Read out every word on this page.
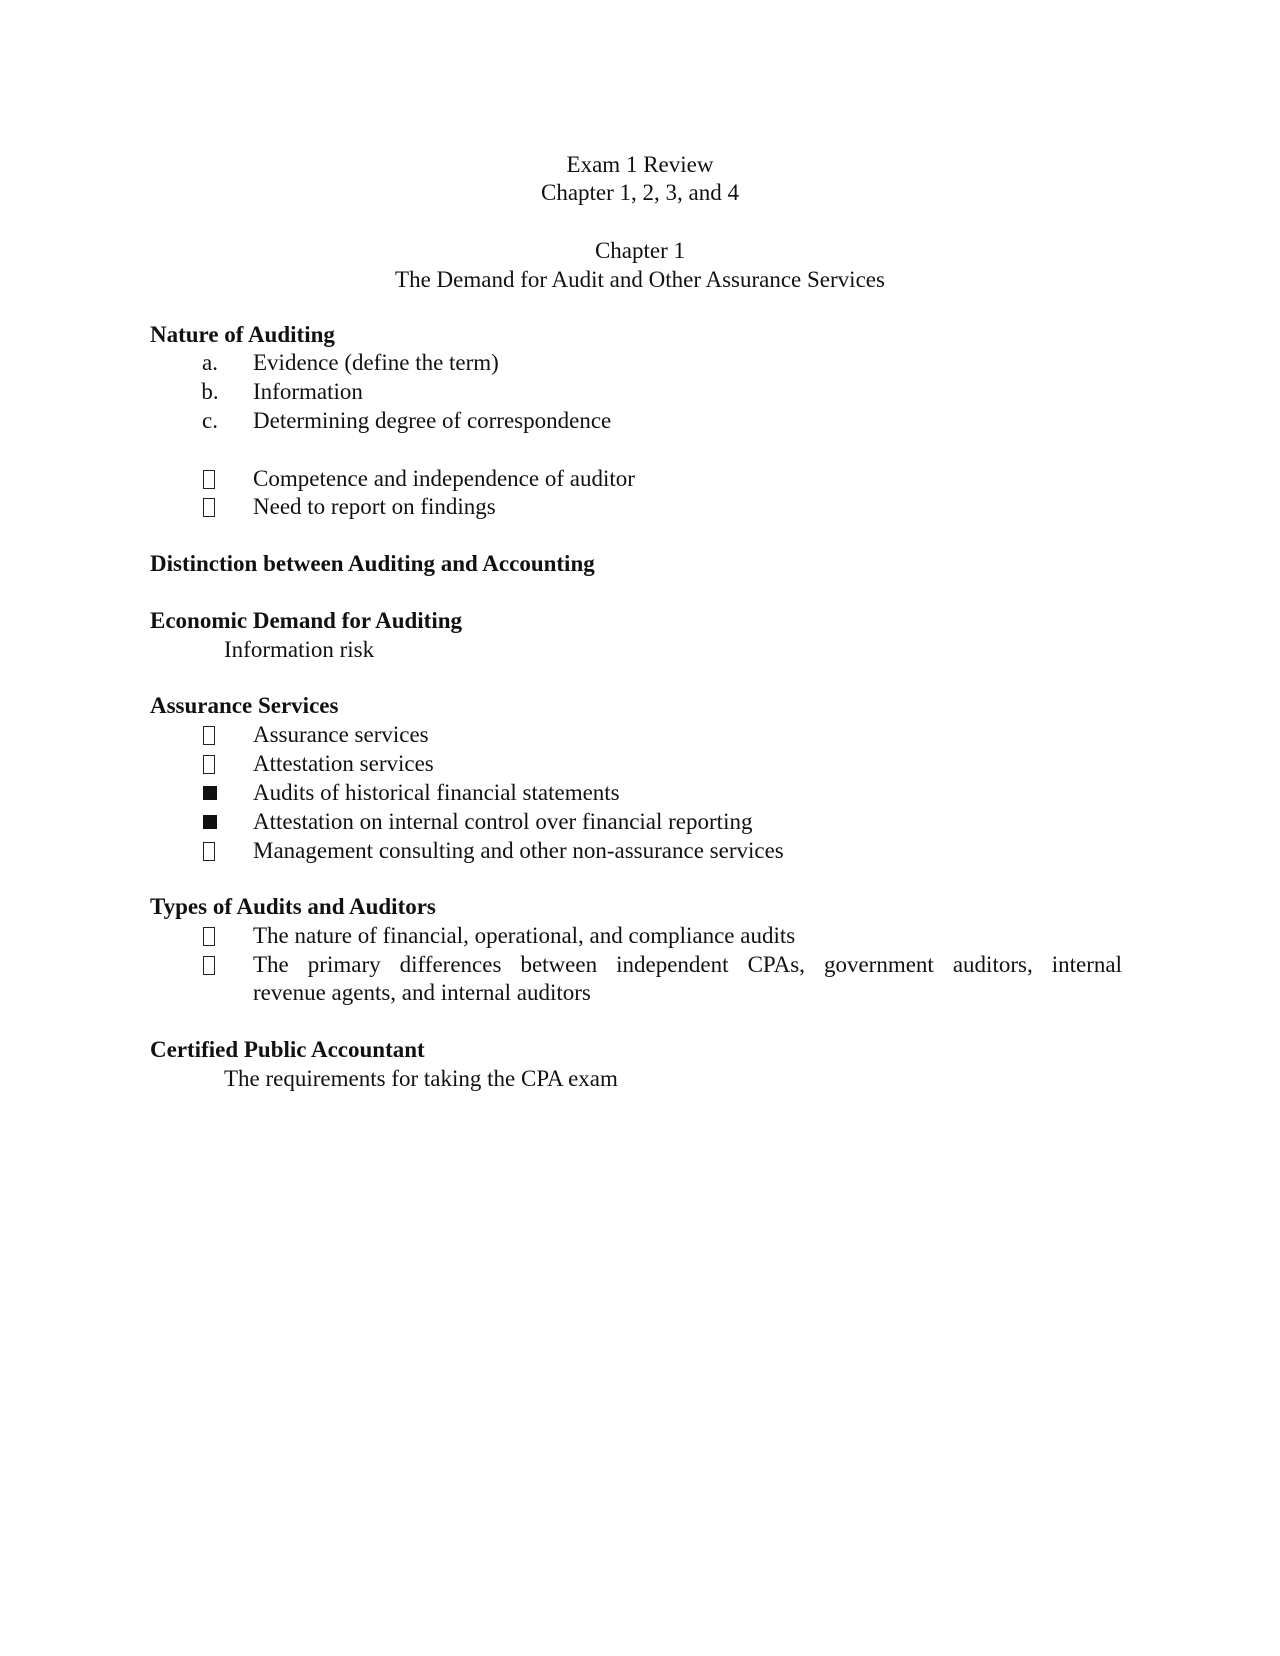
Exam 1 Review
Chapter 1, 2, 3, and 4
Chapter 1
The Demand for Audit and Other Assurance Services
Nature of Auditing
a.	Evidence (define the term)
b.	Information
c.	Determining degree of correspondence
Competence and independence of auditor
Need to report on findings
Distinction between Auditing and Accounting
Economic Demand for Auditing
Information risk
Assurance Services
Assurance services
Attestation services
Audits of historical financial statements
Attestation on internal control over financial reporting
Management consulting and other non-assurance services
Types of Audits and Auditors
The nature of financial, operational, and compliance audits
The primary differences between independent CPAs, government auditors, internal
revenue agents, and internal auditors
Certified Public Accountant
The requirements for taking the CPA exam
